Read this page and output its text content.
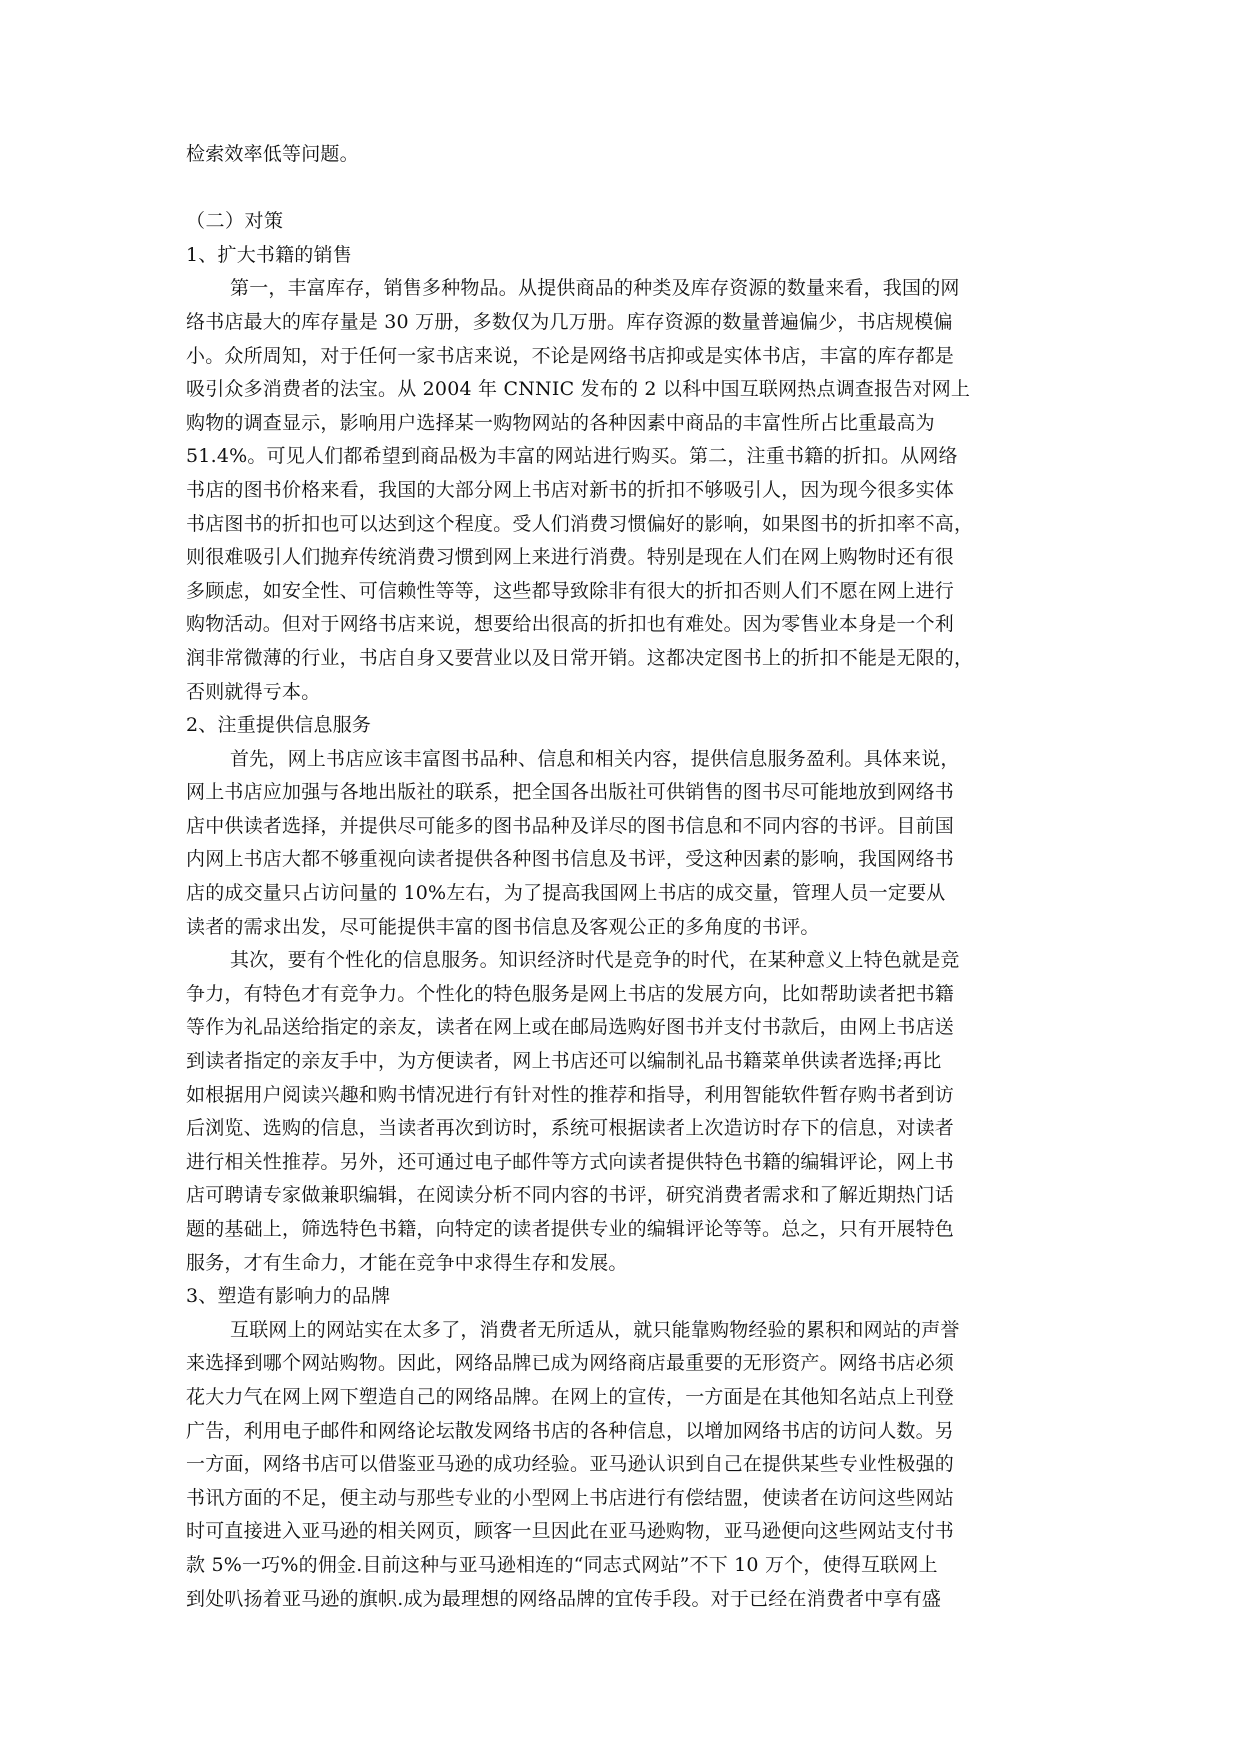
检索效率低等问题。
（二）对策
1、扩大书籍的销售
第一，丰富库存，销售多种物品。从提供商品的种类及库存资源的数量来看，我国的网
络书店最大的库存量是 30 万册，多数仅为几万册。库存资源的数量普遍偏少，书店规模偏
小。众所周知，对于任何一家书店来说，不论是网络书店抑或是实体书店，丰富的库存都是
吸引众多消费者的法宝。从 2004 年 CNNIC 发布的 2 以科中国互联网热点调查报告对网上
购物的调查显示，影响用户选择某一购物网站的各种因素中商品的丰富性所占比重最高为
51.4%。可见人们都希望到商品极为丰富的网站进行购买。第二，注重书籍的折扣。从网络
书店的图书价格来看，我国的大部分网上书店对新书的折扣不够吸引人，因为现今很多实体
书店图书的折扣也可以达到这个程度。受人们消费习惯偏好的影响，如果图书的折扣率不高，
则很难吸引人们抛弃传统消费习惯到网上来进行消费。特别是现在人们在网上购物时还有很
多顾虑，如安全性、可信赖性等等，这些都导致除非有很大的折扣否则人们不愿在网上进行
购物活动。但对于网络书店来说，想要给出很高的折扣也有难处。因为零售业本身是一个利
润非常微薄的行业，书店自身又要营业以及日常开销。这都决定图书上的折扣不能是无限的，
否则就得亏本。
2、注重提供信息服务
首先，网上书店应该丰富图书品种、信息和相关内容，提供信息服务盈利。具体来说，
网上书店应加强与各地出版社的联系，把全国各出版社可供销售的图书尽可能地放到网络书
店中供读者选择，并提供尽可能多的图书品种及详尽的图书信息和不同内容的书评。目前国
内网上书店大都不够重视向读者提供各种图书信息及书评，受这种因素的影响，我国网络书
店的成交量只占访问量的 10%左右，为了提高我国网上书店的成交量，管理人员一定要从
读者的需求出发，尽可能提供丰富的图书信息及客观公正的多角度的书评。
其次，要有个性化的信息服务。知识经济时代是竞争的时代，在某种意义上特色就是竞
争力，有特色才有竞争力。个性化的特色服务是网上书店的发展方向，比如帮助读者把书籍
等作为礼品送给指定的亲友，读者在网上或在邮局选购好图书并支付书款后，由网上书店送
到读者指定的亲友手中，为方便读者，网上书店还可以编制礼品书籍菜单供读者选择;再比
如根据用户阅读兴趣和购书情况进行有针对性的推荐和指导，利用智能软件暂存购书者到访
后浏览、选购的信息，当读者再次到访时，系统可根据读者上次造访时存下的信息，对读者
进行相关性推荐。另外，还可通过电子邮件等方式向读者提供特色书籍的编辑评论，网上书
店可聘请专家做兼职编辑，在阅读分析不同内容的书评，研究消费者需求和了解近期热门话
题的基础上，筛选特色书籍，向特定的读者提供专业的编辑评论等等。总之，只有开展特色
服务，才有生命力，才能在竞争中求得生存和发展。
3、塑造有影响力的品牌
互联网上的网站实在太多了，消费者无所适从，就只能靠购物经验的累积和网站的声誉
来选择到哪个网站购物。因此，网络品牌已成为网络商店最重要的无形资产。网络书店必须
花大力气在网上网下塑造自己的网络品牌。在网上的宣传，一方面是在其他知名站点上刊登
广告，利用电子邮件和网络论坛散发网络书店的各种信息，以增加网络书店的访问人数。另
一方面，网络书店可以借鉴亚马逊的成功经验。亚马逊认识到自己在提供某些专业性极强的
书讯方面的不足，便主动与那些专业的小型网上书店进行有偿结盟，使读者在访问这些网站
时可直接进入亚马逊的相关网页，顾客一旦因此在亚马逊购物，亚马逊便向这些网站支付书
款 5%一巧%的佣金.目前这种与亚马逊相连的“同志式网站”不下 10 万个，使得互联网上
到处叭扬着亚马逊的旗帜.成为最理想的网络品牌的宜传手段。对于已经在消费者中享有盛
